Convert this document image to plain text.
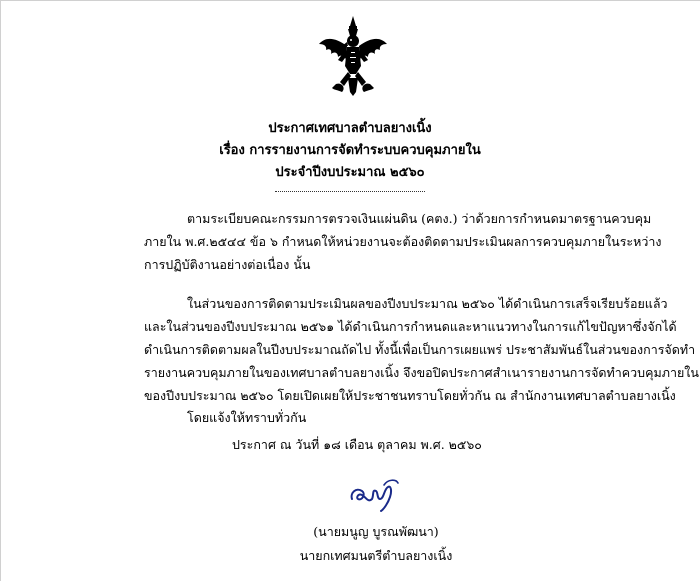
ประกาศเทศบาลตำบลยางเนิ้ง
เรื่อง การรายงานการจัดทำระบบควบคุมภายใน
ประจำปีงบประมาณ ๒๕๖๐
ตามระเบียบคณะกรรมการตรวจเงินแผ่นดิน (คตง.) ว่าด้วยการกำหนดมาตรฐานควบคุม
ภายใน พ.ศ.๒๕๔๔ ข้อ ๖ กำหนดให้หน่วยงานจะต้องติดตามประเมินผลการควบคุมภายในระหว่าง
การปฏิบัติงานอย่างต่อเนื่อง นั้น
ในส่วนของการติดตามประเมินผลของปีงบประมาณ ๒๕๖๐ ได้ดำเนินการเสร็จเรียบร้อยแล้ว
และในส่วนของปีงบประมาณ ๒๕๖๑ ได้ดำเนินการกำหนดและหาแนวทางในการแก้ไขปัญหาซึ่งจักได้
ดำเนินการติดตามผลในปีงบประมาณถัดไป ทั้งนี้เพื่อเป็นการเผยแพร่ ประชาสัมพันธ์ในส่วนของการจัดทำ
รายงานควบคุมภายในของเทศบาลตำบลยางเนิ้ง จึงขอปิดประกาศสำเนารายงานการจัดทำควบคุมภายใน
ของปีงบประมาณ ๒๕๖๐ โดยเปิดเผยให้ประชาชนทราบโดยทั่วกัน ณ สำนักงานเทศบาลตำบลยางเนิ้ง
โดยแจ้งให้ทราบทั่วกัน
ประกาศ ณ วันที่ ๑๘ เดือน ตุลาคม พ.ศ. ๒๕๖๐
(นายมนูญ บูรณพัฒนา)
นายกเทศมนตรีตำบลยางเนิ้ง
